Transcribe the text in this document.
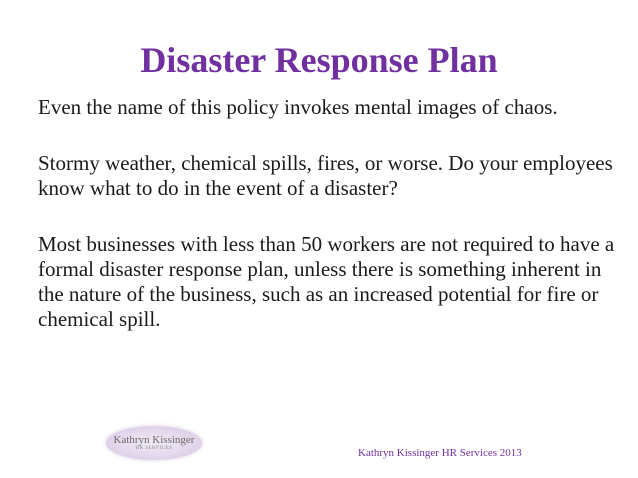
Disaster Response Plan

Even the name of this policy invokes mental images of chaos.

Stormy weather, chemical spills, fires, or worse. Do your employees know what to do in the event of a disaster?

Most businesses with less than 50 workers are not required to have a formal disaster response plan, unless there is something inherent in the nature of the business, such as an increased potential for fire or chemical spill.

Kathryn Kissinger
HR SERVICES	Kathryn Kissinger HR Services 2013
